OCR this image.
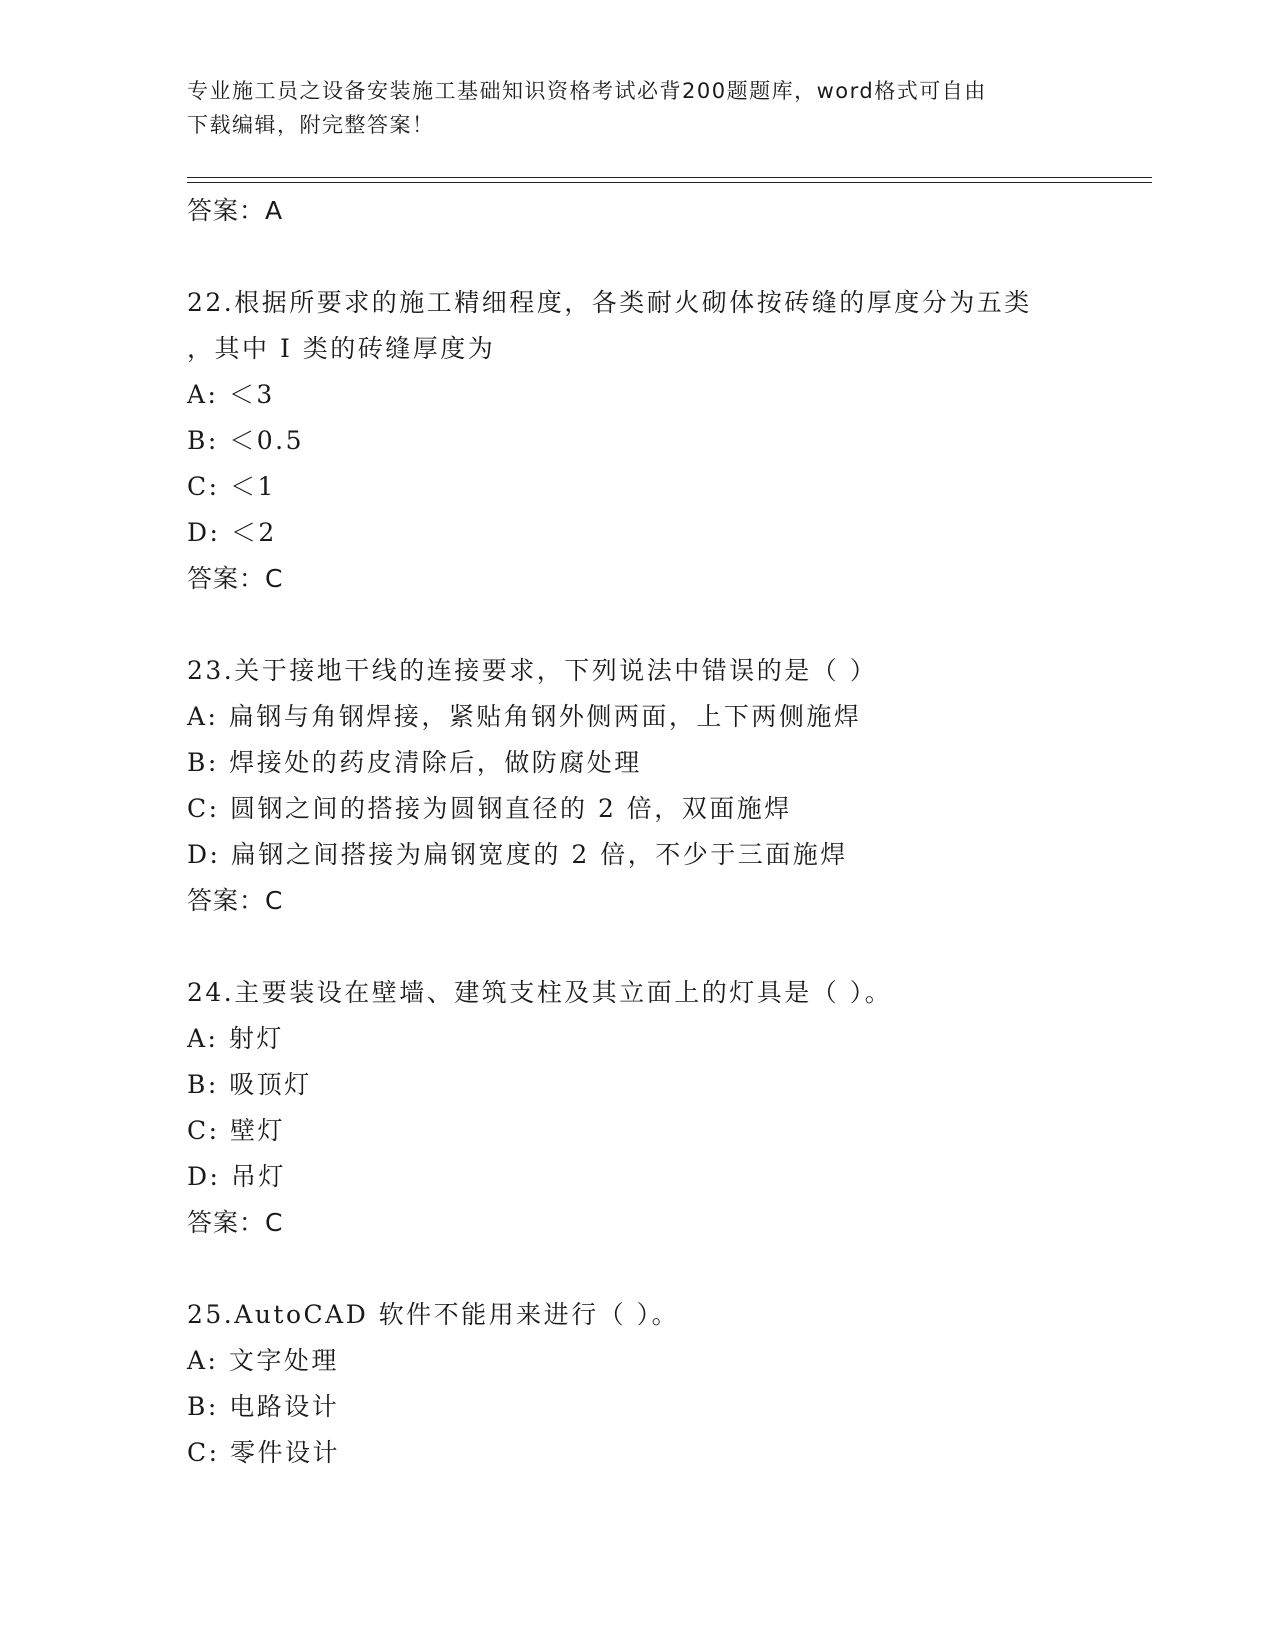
专业施工员之设备安装施工基础知识资格考试必背200题题库，word格式可自由
下载编辑，附完整答案！
答案：A
22.根据所要求的施工精细程度，各类耐火砌体按砖缝的厚度分为五类
，其中 I 类的砖缝厚度为
A: ＜3
B: ＜0.5
C: ＜1
D: ＜2
答案：C
23.关于接地干线的连接要求，下列说法中错误的是（ ）
A: 扁钢与角钢焊接，紧贴角钢外侧两面，上下两侧施焊
B: 焊接处的药皮清除后，做防腐处理
C: 圆钢之间的搭接为圆钢直径的 2 倍，双面施焊
D: 扁钢之间搭接为扁钢宽度的 2 倍，不少于三面施焊
答案：C
24.主要装设在壁墙、建筑支柱及其立面上的灯具是（ ）。
A: 射灯
B: 吸顶灯
C: 壁灯
D: 吊灯
答案：C
25.AutoCAD 软件不能用来进行（ ）。
A: 文字处理
B: 电路设计
C: 零件设计
